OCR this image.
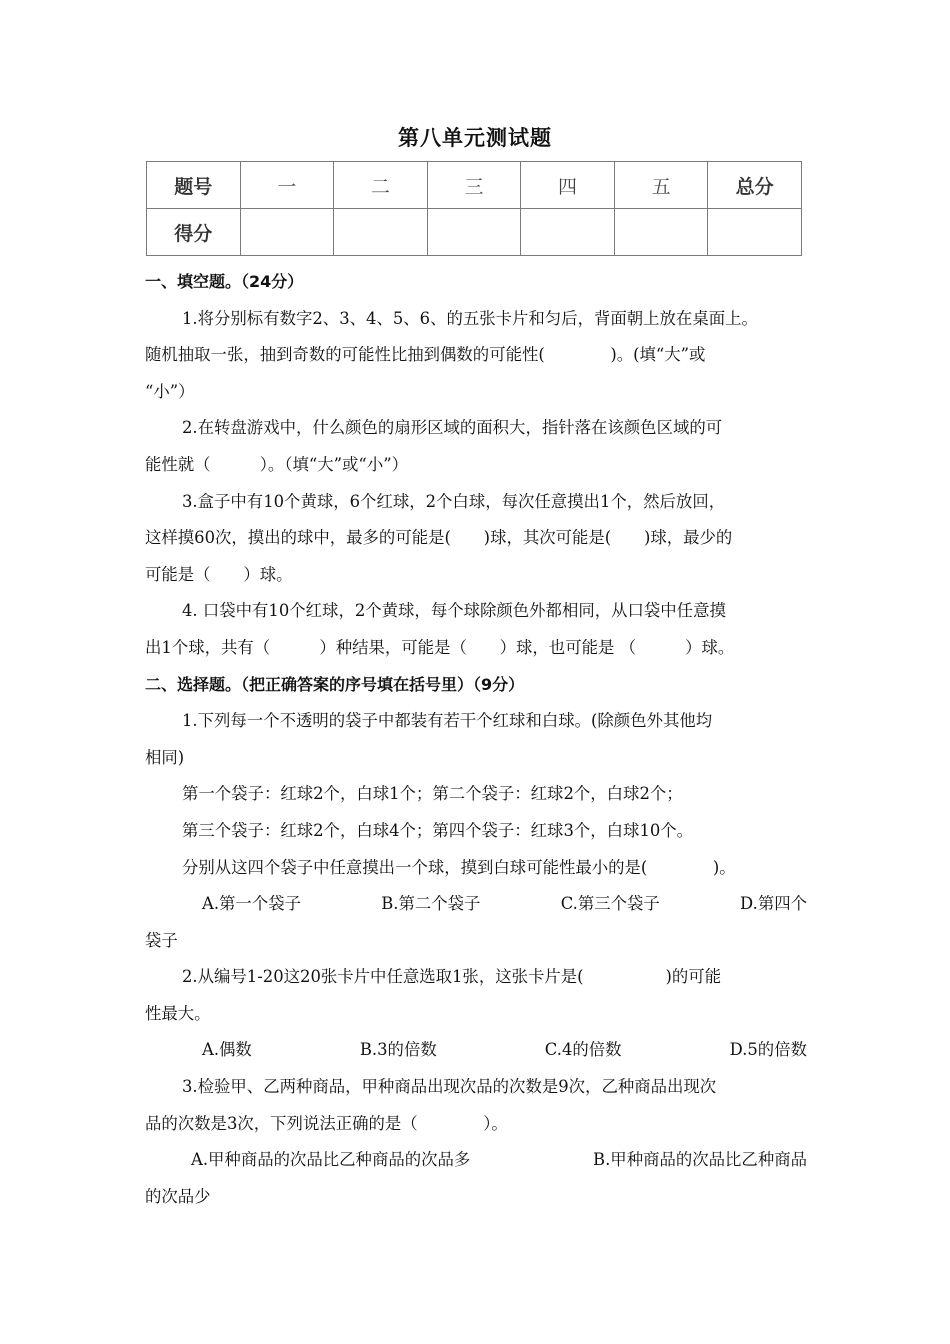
第八单元测试题
题号	一	二	三	四	五	总分
得分						

一、填空题。（24分）

1.将分别标有数字2、3、4、5、6、的五张卡片和匀后，背面朝上放在桌面上。

随机抽取一张，抽到奇数的可能性比抽到偶数的可能性(　　　　)。(填“大”或

“小”）

2.在转盘游戏中，什么颜色的扇形区域的面积大，指针落在该颜色区域的可

能性就（　　　）。（填“大”或“小”）

3.盒子中有10个黄球，6个红球，2个白球，每次任意摸出1个，然后放回，

这样摸60次，摸出的球中，最多的可能是(　　)球，其次可能是(　　)球，最少的

可能是（　　）球。

4. 口袋中有10个红球，2个黄球，每个球除颜色外都相同，从口袋中任意摸

出1个球，共有（　　　）种结果，可能是（　　）球，也可能是 （　　　）球。

二、选择题。（把正确答案的序号填在括号里）（9分）

1.下列每一个不透明的袋子中都装有若干个红球和白球。(除颜色外其他均

相同)

第一个袋子：红球2个，白球1个；第二个袋子：红球2个，白球2个；

第三个袋子：红球2个，白球4个；第四个袋子：红球3个，白球10个。

分别从这四个袋子中任意摸出一个球，摸到白球可能性最小的是(　　　　)。

A.第一个袋子	B.第二个袋子	C.第三个袋子	D.第四个

袋子

2.从编号1-20这20张卡片中任意选取1张，这张卡片是(　　　　　)的可能

性最大。

A.偶数	B.3的倍数	C.4的倍数	D.5的倍数

3.检验甲、乙两种商品，甲种商品出现次品的次数是9次，乙种商品出现次

品的次数是3次，下列说法正确的是（　　　　）。

A.甲种商品的次品比乙种商品的次品多	B.甲种商品的次品比乙种商品

的次品少
